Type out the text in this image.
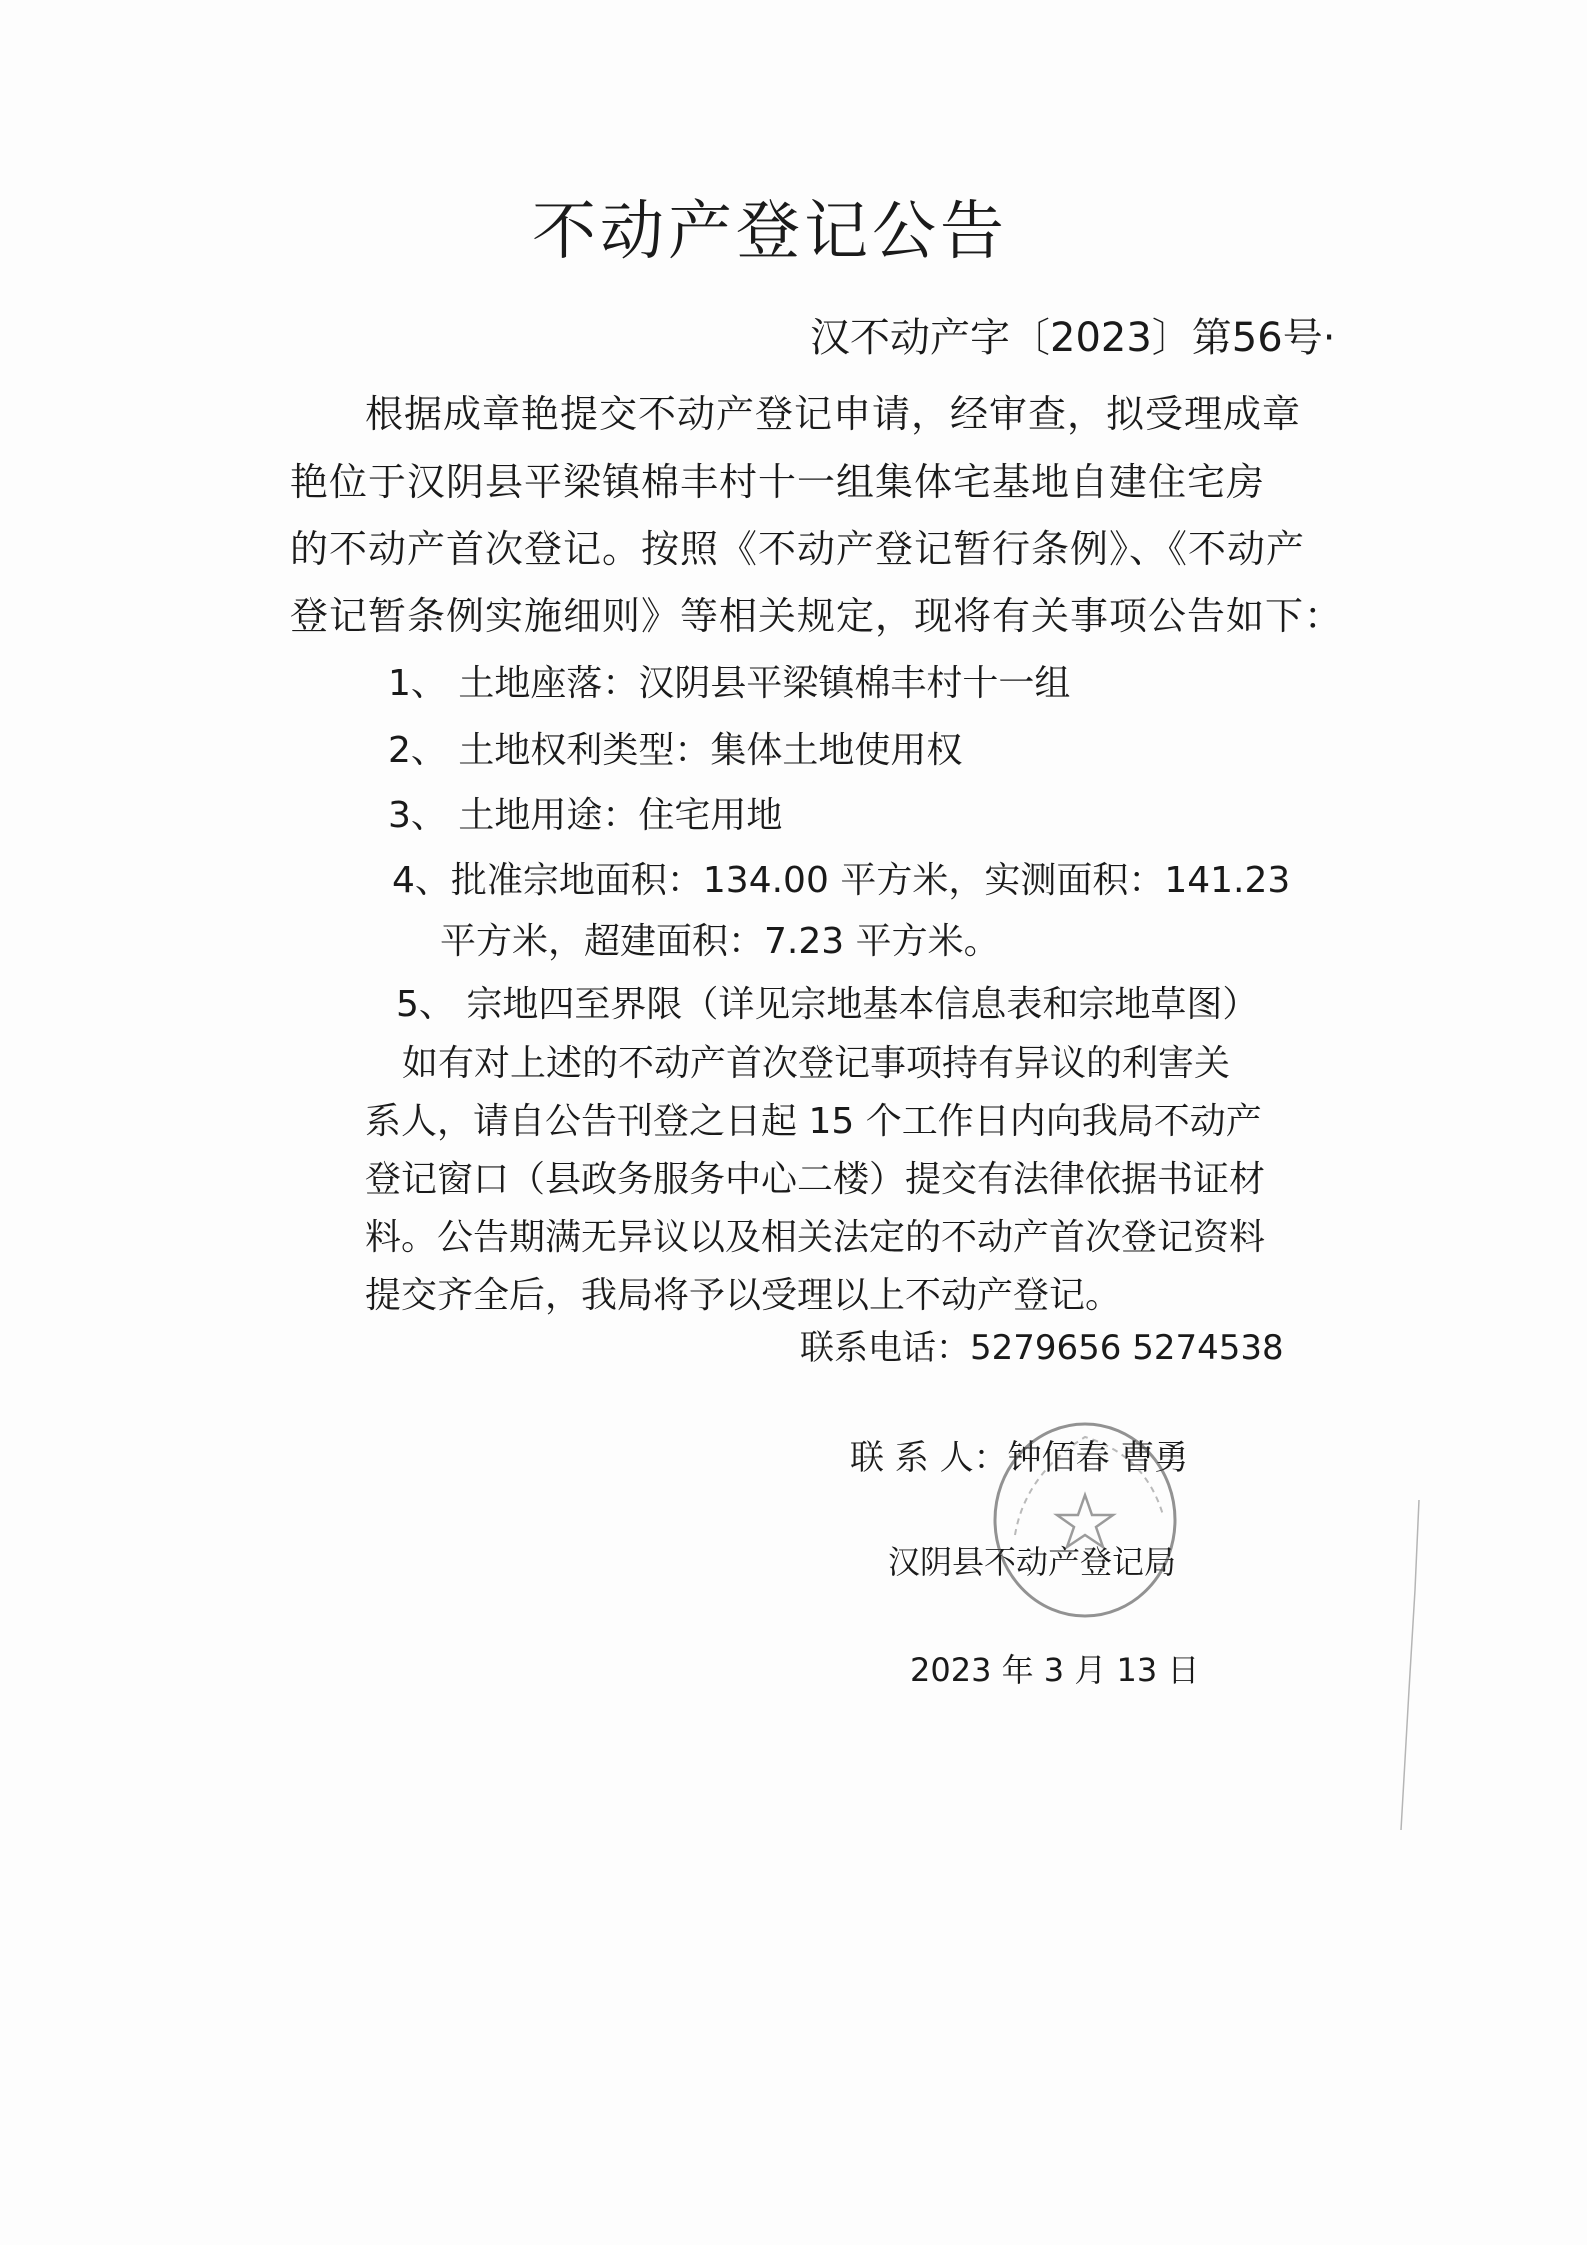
不动产登记公告
汉不动产字〔2023〕第56号·
根据成章艳提交不动产登记申请，经审查，拟受理成章
艳位于汉阴县平梁镇棉丰村十一组集体宅基地自建住宅房
的不动产首次登记。按照《不动产登记暂行条例》、《不动产
登记暂条例实施细则》等相关规定，现将有关事项公告如下：
1、 土地座落：汉阴县平梁镇棉丰村十一组
2、 土地权利类型：集体土地使用权
3、 土地用途：住宅用地
4、批准宗地面积：134.00 平方米，实测面积：141.23
平方米，超建面积：7.23 平方米。
5、 宗地四至界限（详见宗地基本信息表和宗地草图）
如有对上述的不动产首次登记事项持有异议的利害关
系人，请自公告刊登之日起 15 个工作日内向我局不动产
登记窗口（县政务服务中心二楼）提交有法律依据书证材
料。公告期满无异议以及相关法定的不动产首次登记资料
提交齐全后，我局将予以受理以上不动产登记。
联系电话：5279656 5274538
联 系 人：钟佰春 曹勇
汉阴县不动产登记局
2023 年 3 月 13 日
